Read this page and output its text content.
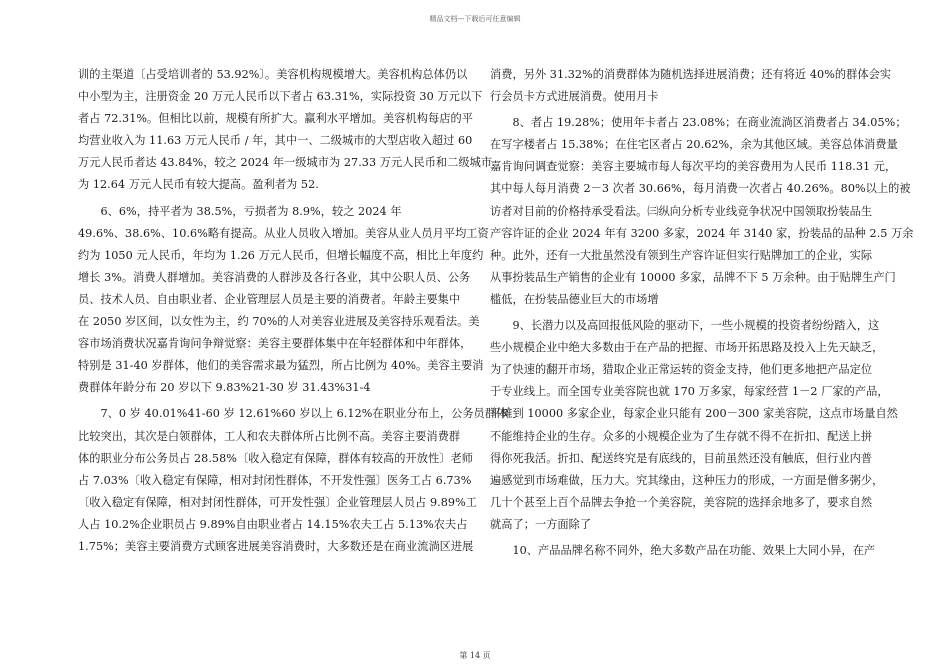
精品文档---下载后可任意编辑
训的主渠道〔占受培训者的 53.92%〕。美容机构规模增大。美容机构总体仍以
中小型为主，注册资金 20 万元人民币以下者占 63.31%，实际投资 30 万元以下
者占 72.31%。但相比以前，规模有所扩大。赢利水平增加。美容机构每店的平
均营业收入为 11.63 万元人民币 / 年，其中一、二级城市的大型店收入超过 60
万元人民币者达 43.84%，较之 2024 年一级城市为 27.33 万元人民币和二级城市
为 12.64 万元人民币有较大提高。盈利者为 52.
　　6、6%，持平者为 38.5%，亏损者为 8.9%，较之 2024 年
49.6%、38.6%、10.6%略有提高。从业人员收入增加。美容从业人员月平均工资
约为 1050 元人民币，年均为 1.26 万元人民币，但增长幅度不高，相比上年度约
增长 3%。消费人群增加。美容消费的人群涉及各行各业，其中公职人员、公务
员、技术人员、自由职业者、企业管理层人员是主要的消费者。年龄主要集中
在 2050 岁区间，以女性为主，约 70%的人对美容业进展及美容持乐观看法。美
容市场消费状况嘉肯询问争辩觉察：美容主要群体集中在年轻群体和中年群体，
特别是 31-40 岁群体，他们的美容需求最为猛烈，所占比例为 40%。美容主要消
费群体年龄分布 20 岁以下 9.83%21-30 岁 31.43%31-4
　　7、0 岁 40.01%41-60 岁 12.61%60 岁以上 6.12%在职业分布上，公务员群体
比较突出，其次是白领群体，工人和农夫群体所占比例不高。美容主要消费群
体的职业分布公务员占 28.58%〔收入稳定有保障，群体有较高的开放性〕老师
占 7.03%〔收入稳定有保障，相对封闭性群体，不开发性强〕医务工占 6.73%
〔收入稳定有保障，相对封闭性群体，可开发性强〕企业管理层人员占 9.89%工
人占 10.2%企业职员占 9.89%自由职业者占 14.15%农夫工占 5.13%农夫占
1.75%；美容主要消费方式顾客进展美容消费时，大多数还是在商业流淌区进展
消费，另外 31.32%的消费群体为随机选择进展消费；还有将近 40%的群体会实
行会员卡方式进展消费。使用月卡
　　8、者占 19.28%；使用年卡者占 23.08%；在商业流淌区消费者占 34.05%；
在写字楼者占 15.38%；在住宅区者占 20.62%，余为其他区域。美容总体消费量
嘉肯询问调查觉察：美容主要城市每人每次平均的美容费用为人民币 118.31 元，
其中每人每月消费 2－3 次者 30.66%，每月消费一次者占 40.26%。80%以上的被
访者对目前的价格持承受看法。㈢纵向分析专业线竞争状况中国领取扮装品生
产容许证的企业 2024 年有 3200 多家，2024 年 3140 家，扮装品的品种 2.5 万余
种。此外，还有一大批虽然没有领到生产容许证但实行贴牌加工的企业，实际
从事扮装品生产销售的企业有 10000 多家，品牌不下 5 万余种。由于贴牌生产门
槛低，在扮装品德业巨大的市场增
　　9、长潜力以及高回报低风险的驱动下，一些小规模的投资者纷纷踏入，这
些小规模企业中绝大多数由于在产品的把握、市场开拓思路及投入上先天缺乏，
为了快速的翻开市场，猎取企业正常运转的资金支持，他们更多地把产品定位
于专业线上。而全国专业美容院也就 170 万多家，每家经营 1－2 厂家的产品，
平摊到 10000 多家企业，每家企业只能有 200－300 家美容院，这点市场量自然
不能维持企业的生存。众多的小规模企业为了生存就不得不在折扣、配送上拼
得你死我活。折扣、配送终究是有底线的，目前虽然还没有触底，但行业内普
遍感觉到市场难做，压力大。究其缘由，这种压力的形成，一方面是僧多粥少，
几十个甚至上百个品牌去争抢一个美容院，美容院的选择余地多了，要求自然
就高了；一方面除了
　　10、产品品牌名称不同外，绝大多数产品在功能、效果上大同小异，在产
第 14 页
